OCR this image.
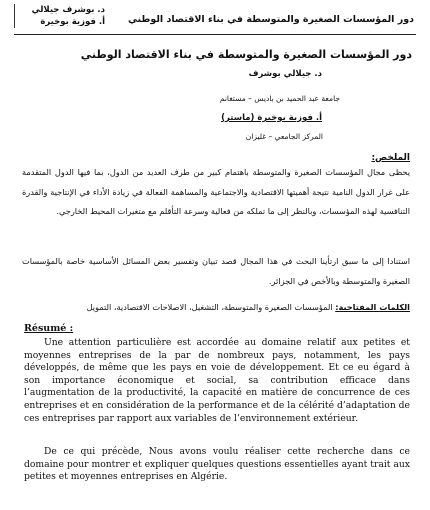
دور المؤسسات الصغيرة والمتوسطة في بناء الاقتصاد الوطني
د. بوشرف جيلالي
أ. فوزية بوخيرة
دور المؤسسات الصغيرة والمتوسطة في بناء الاقتصاد الوطني
د. جيلالي بوشرف
جامعة عبد الحميد بن باديس – مستغانم
أ. فوزية بوخيرة (ماستر)
المركز الجامعي – غليزان
الملخص:
يحظى مجال المؤسسات الصغيرة والمتوسطة باهتمام كبير من طرف العديد من الدول، بما فيها الدول المتقدمة على غرار الدول النامية نتيجة أهميتها الاقتصادية والاجتماعية والمساهمة الفعالة في زيادة الأداء في الإنتاجية والقدرة التنافسية لهذه المؤسسات، وبالنظر إلى ما تملكه من فعالية وسرعة التأقلم مع متغيرات المحيط الخارجي.
استنادا إلى ما سبق ارتأينا البحث في هذا المجال قصد تبيان وتفسير بعض المسائل الأساسية خاصة بالمؤسسات الصغيرة والمتوسطة وبالأخص في الجزائر.
الكلمات المفتاحية: المؤسسات الصغيرة والمتوسطة، التشغيل، الاصلاحات الاقتصادية، التمويل
Résumé :
Une attention particulière est accordée au domaine relatif aux petites et moyennes entreprises de la par de nombreux pays, notamment, les pays développés, de même que les pays en voie de développement. Et ce eu égard à son importance économique et social, sa contribution efficace dans l’augmentation de la productivité, la capacité en matière de concurrence de ces entreprises et en considération de la performance et de la célérité d’adaptation de ces entreprises par rapport aux variables de l’environnement extérieur.
De ce qui précède, Nous avons voulu réaliser cette recherche dans ce domaine pour montrer et expliquer quelques questions essentielles ayant trait aux petites et moyennes entreprises en Algérie.
